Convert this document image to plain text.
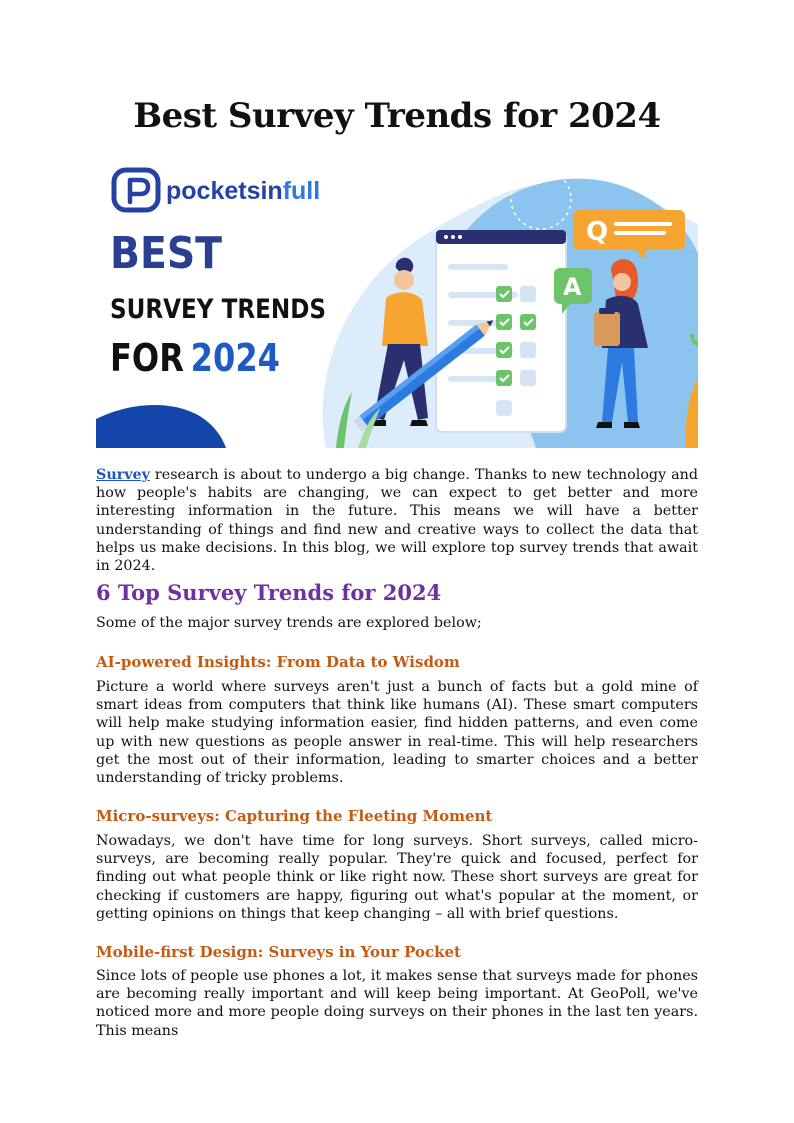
Best Survey Trends for 2024
pocketsinfull
BEST
SURVEY TRENDS
FOR2024
Q
A

Survey research is about to undergo a big change. Thanks to new technology and how people's habits are changing, we can expect to get better and more interesting information in the future. This means we will have a better understanding of things and find new and creative ways to collect the data that helps us make decisions. In this blog, we will explore top survey trends that await in 2024.

6 Top Survey Trends for 2024

Some of the major survey trends are explored below;

AI-powered Insights: From Data to Wisdom

Picture a world where surveys aren't just a bunch of facts but a gold mine of smart ideas from computers that think like humans (AI). These smart computers will help make studying information easier, find hidden patterns, and even come up with new questions as people answer in real-time. This will help researchers get the most out of their information, leading to smarter choices and a better understanding of tricky problems.

Micro-surveys: Capturing the Fleeting Moment

Nowadays, we don't have time for long surveys. Short surveys, called micro-surveys, are becoming really popular. They're quick and focused, perfect for finding out what people think or like right now. These short surveys are great for checking if customers are happy, figuring out what's popular at the moment, or getting opinions on things that keep changing – all with brief questions.

Mobile-first Design: Surveys in Your Pocket

Since lots of people use phones a lot, it makes sense that surveys made for phones are becoming really important and will keep being important. At GeoPoll, we've noticed more and more people doing surveys on their phones in the last ten years. This means
